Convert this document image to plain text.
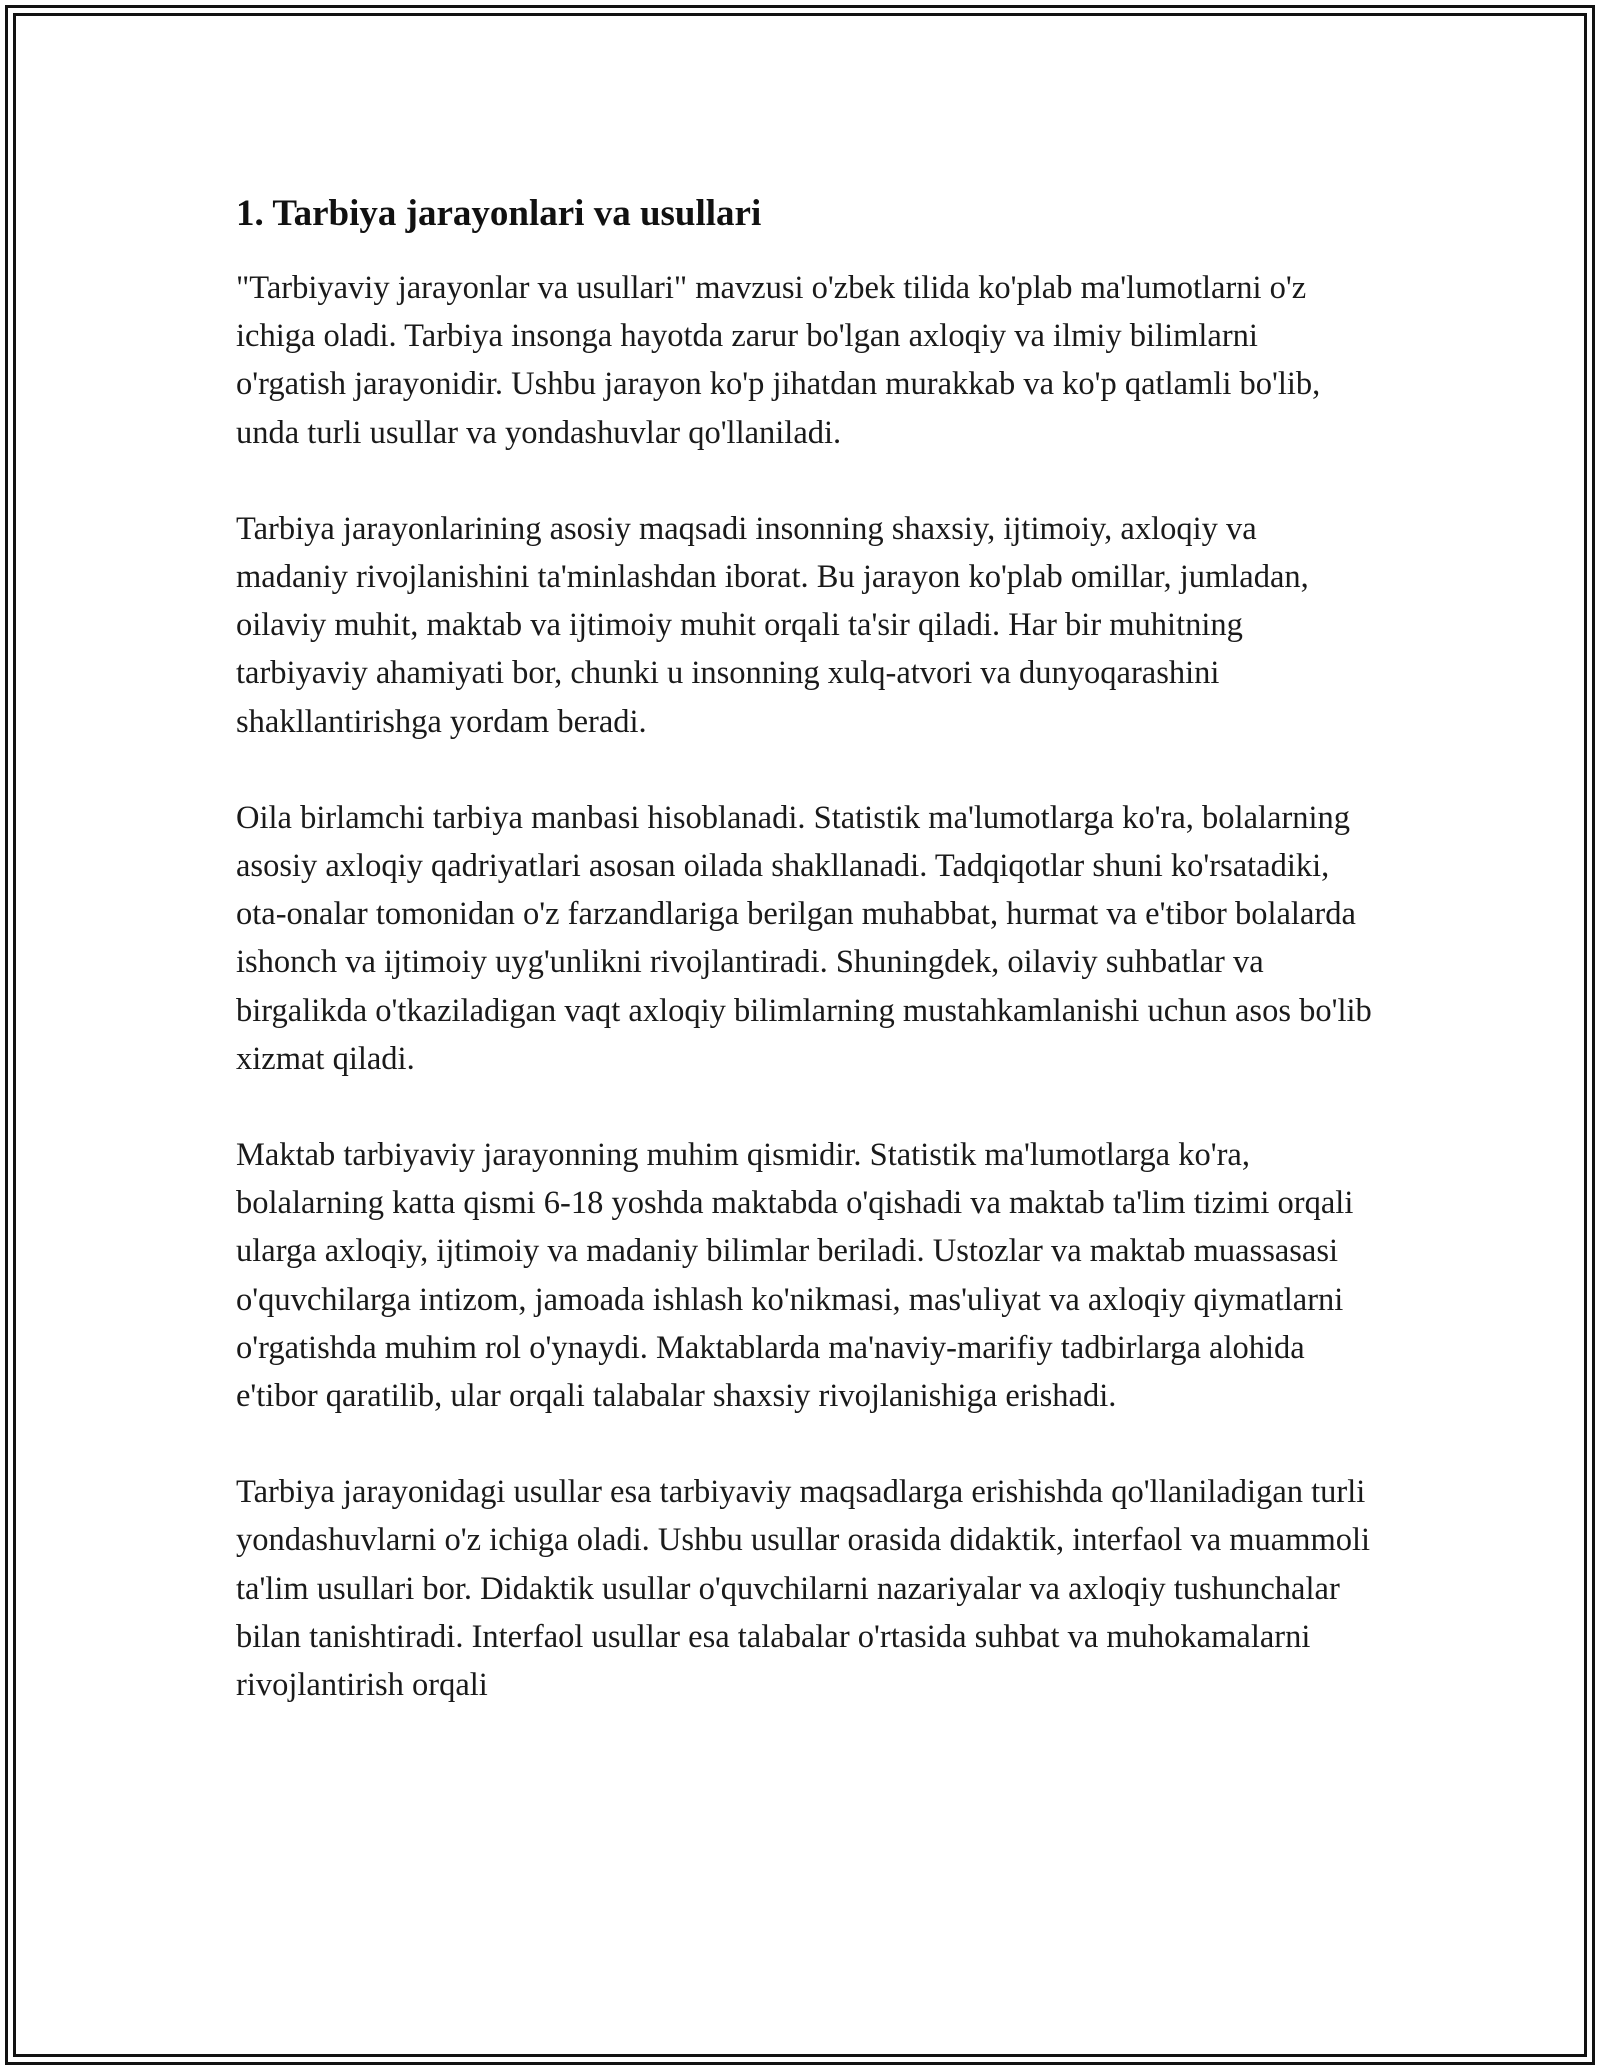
1. Tarbiya jarayonlari va usullari

"Tarbiyaviy jarayonlar va usullari" mavzusi o'zbek tilida ko'plab ma'lumotlarni o'z ichiga oladi. Tarbiya insonga hayotda zarur bo'lgan axloqiy va ilmiy bilimlarni o'rgatish jarayonidir. Ushbu jarayon ko'p jihatdan murakkab va ko'p qatlamli bo'lib, unda turli usullar va yondashuvlar qo'llaniladi.

Tarbiya jarayonlarining asosiy maqsadi insonning shaxsiy, ijtimoiy, axloqiy va madaniy rivojlanishini ta'minlashdan iborat. Bu jarayon ko'plab omillar, jumladan, oilaviy muhit, maktab va ijtimoiy muhit orqali ta'sir qiladi. Har bir muhitning tarbiyaviy ahamiyati bor, chunki u insonning xulq-atvori va dunyoqarashini shakllantirishga yordam beradi.

Oila birlamchi tarbiya manbasi hisoblanadi. Statistik ma'lumotlarga ko'ra, bolalarning asosiy axloqiy qadriyatlari asosan oilada shakllanadi. Tadqiqotlar shuni ko'rsatadiki, ota-onalar tomonidan o'z farzandlariga berilgan muhabbat, hurmat va e'tibor bolalarda ishonch va ijtimoiy uyg'unlikni rivojlantiradi. Shuningdek, oilaviy suhbatlar va birgalikda o'tkaziladigan vaqt axloqiy bilimlarning mustahkamlanishi uchun asos bo'lib xizmat qiladi.

Maktab tarbiyaviy jarayonning muhim qismidir. Statistik ma'lumotlarga ko'ra, bolalarning katta qismi 6-18 yoshda maktabda o'qishadi va maktab ta'lim tizimi orqali ularga axloqiy, ijtimoiy va madaniy bilimlar beriladi. Ustozlar va maktab muassasasi o'quvchilarga intizom, jamoada ishlash ko'nikmasi, mas'uliyat va axloqiy qiymatlarni o'rgatishda muhim rol o'ynaydi. Maktablarda ma'naviy-marifiy tadbirlarga alohida e'tibor qaratilib, ular orqali talabalar shaxsiy rivojlanishiga erishadi.

Tarbiya jarayonidagi usullar esa tarbiyaviy maqsadlarga erishishda qo'llaniladigan turli yondashuvlarni o'z ichiga oladi. Ushbu usullar orasida didaktik, interfaol va muammoli ta'lim usullari bor. Didaktik usullar o'quvchilarni nazariyalar va axloqiy tushunchalar bilan tanishtiradi. Interfaol usullar esa talabalar o'rtasida suhbat va muhokamalarni rivojlantirish orqali
